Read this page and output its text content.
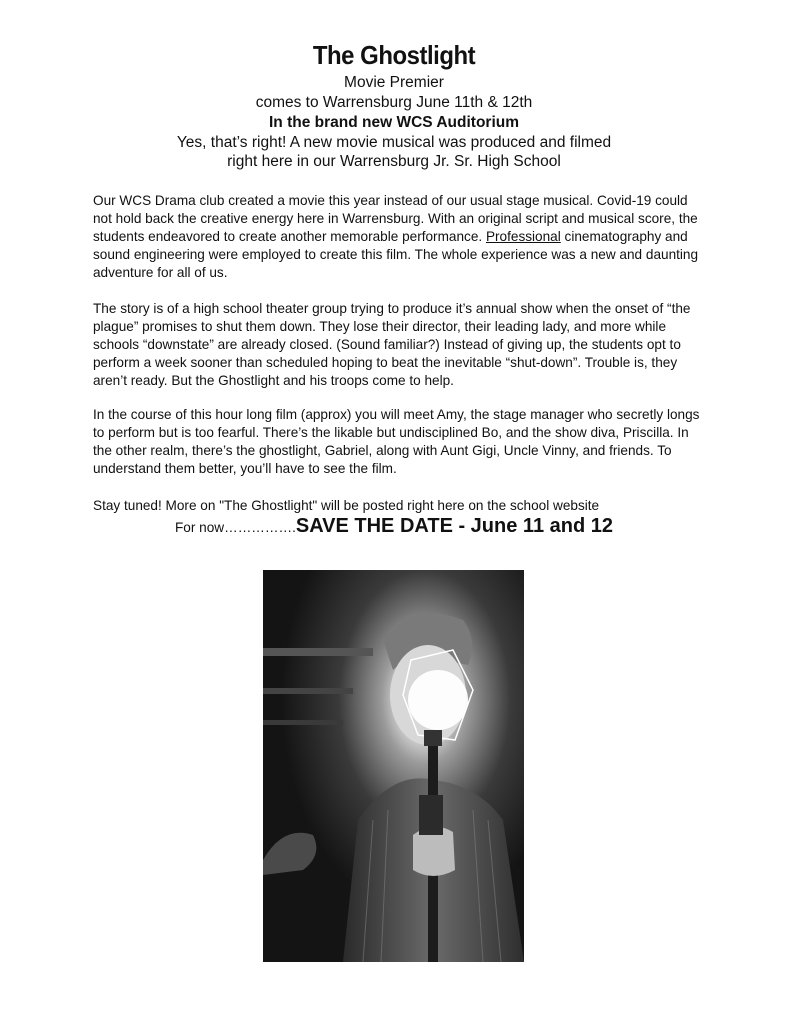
The Ghostlight
Movie Premier
comes to Warrensburg June 11th & 12th
In the brand new WCS Auditorium
Yes, that’s right! A new movie musical was produced and filmed
right here in our Warrensburg Jr. Sr. High School

Our WCS Drama club created a movie this year instead of our usual stage musical. Covid-19 could not hold back the creative energy here in Warrensburg. With an original script and musical score, the students endeavored to create another memorable performance. Professional cinematography and sound engineering were employed to create this film. The whole experience was a new and daunting adventure for all of us.

The story is of a high school theater group trying to produce it’s annual show when the onset of “the plague” promises to shut them down. They lose their director, their leading lady, and more while schools “downstate” are already closed. (Sound familiar?) Instead of giving up, the students opt to perform a week sooner than scheduled hoping to beat the inevitable “shut-down”. Trouble is, they aren’t ready. But the Ghostlight and his troops come to help.

In the course of this hour long film (approx) you will meet Amy, the stage manager who secretly longs to perform but is too fearful. There’s the likable but undisciplined Bo, and the show diva, Priscilla. In the other realm, there’s the ghostlight, Gabriel, along with Aunt Gigi, Uncle Vinny, and friends. To understand them better, you’ll have to see the film.

Stay tuned! More on "The Ghostlight" will be posted right here on the school website

For now…………….SAVE THE DATE - June 11 and 12
